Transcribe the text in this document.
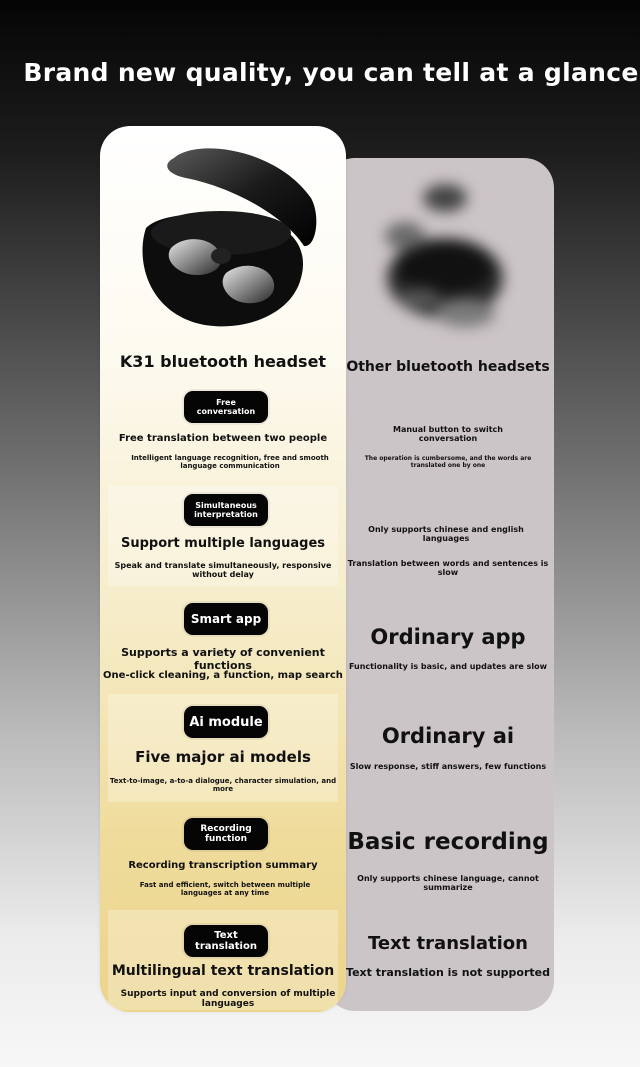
Brand new quality, you can tell at a glance

K31 bluetooth headset

Free conversation

Free translation between two people

Intelligent language recognition, free and smooth language communication

Simultaneous interpretation

Support multiple languages

Speak and translate simultaneously, responsive without delay

Smart app

Supports a variety of convenient functions

One-click cleaning, a function, map search

Ai module

Five major ai models

Text-to-image, a-to-a dialogue, character simulation, and more

Recording function

Recording transcription summary

Fast and efficient, switch between multiple languages at any time

Text translation

Multilingual text translation

Supports input and conversion of multiple languages

Other bluetooth headsets

Manual button to switch conversation

The operation is cumbersome, and the words are translated one by one

Only supports chinese and english languages

Translation between words and sentences is slow

Ordinary app

Functionality is basic, and updates are slow

Ordinary ai

Slow response, stiff answers, few functions

Basic recording

Only supports chinese language, cannot summarize

Text translation

Text translation is not supported
